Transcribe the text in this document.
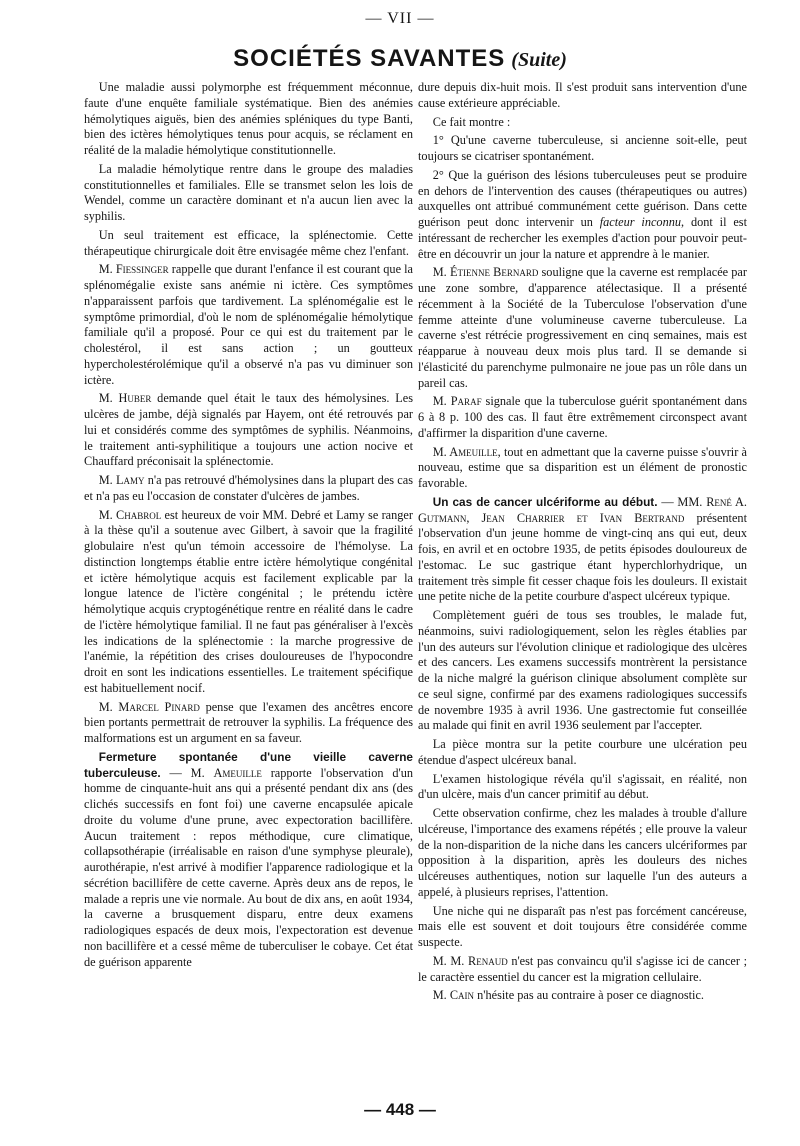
— VII —
SOCIÉTÉS SAVANTES (Suite)

Une maladie aussi polymorphe est fréquemment méconnue, faute d'une enquête familiale systématique. Bien des anémies hémolytiques aiguës, bien des anémies spléniques du type Banti, bien des ictères hémolytiques tenus pour acquis, se réclament en réalité de la maladie hémolytique constitutionnelle.

La maladie hémolytique rentre dans le groupe des maladies constitutionnelles et familiales. Elle se transmet selon les lois de Wendel, comme un caractère dominant et n'a aucun lien avec la syphilis.

Un seul traitement est efficace, la splénectomie. Cette thérapeutique chirurgicale doit être envisagée même chez l'enfant.

M. Fiessinger rappelle que durant l'enfance il est courant que la splénomégalie existe sans anémie ni ictère. Ces symptômes n'apparaissent parfois que tardivement. La splénomégalie est le symptôme primordial, d'où le nom de splénomégalie hémolytique familiale qu'il a proposé. Pour ce qui est du traitement par le cholestérol, il est sans action ; un goutteux hypercholestérolémique qu'il a observé n'a pas vu diminuer son ictère.

M. Huber demande quel était le taux des hémolysines. Les ulcères de jambe, déjà signalés par Hayem, ont été retrouvés par lui et considérés comme des symptômes de syphilis. Néanmoins, le traitement anti-syphilitique a toujours une action nocive et Chauffard préconisait la splénectomie.

M. Lamy n'a pas retrouvé d'hémolysines dans la plupart des cas et n'a pas eu l'occasion de constater d'ulcères de jambes.

M. Chabrol est heureux de voir MM. Debré et Lamy se ranger à la thèse qu'il a soutenue avec Gilbert, à savoir que la fragilité globulaire n'est qu'un témoin accessoire de l'hémolyse. La distinction longtemps établie entre ictère hémolytique congénital et ictère hémolytique acquis est facilement explicable par la longue latence de l'ictère congénital ; le prétendu ictère hémolytique acquis cryptogénétique rentre en réalité dans le cadre de l'ictère hémolytique familial. Il ne faut pas généraliser à l'excès les indications de la splénectomie : la marche progressive de l'anémie, la répétition des crises douloureuses de l'hypocondre droit en sont les indications essentielles. Le traitement spécifique est habituellement nocif.

M. Marcel Pinard pense que l'examen des ancêtres encore bien portants permettrait de retrouver la syphilis. La fréquence des malformations est un argument en sa faveur.

Fermeture spontanée d'une vieille caverne tuberculeuse. — M. Ameuille rapporte l'observation d'un homme de cinquante-huit ans qui a présenté pendant dix ans (des clichés successifs en font foi) une caverne encapsulée apicale droite du volume d'une prune, avec expectoration bacillifère. Aucun traitement : repos méthodique, cure climatique, collapsothérapie (irréalisable en raison d'une symphyse pleurale), aurothérapie, n'est arrivé à modifier l'apparence radiologique et la sécrétion bacillifère de cette caverne. Après deux ans de repos, le malade a repris une vie normale. Au bout de dix ans, en août 1934, la caverne a brusquement disparu, entre deux examens radiologiques espacés de deux mois, l'expectoration est devenue non bacillifère et a cessé même de tuberculiser le cobaye. Cet état de guérison apparente

dure depuis dix-huit mois. Il s'est produit sans intervention d'une cause extérieure appréciable.

Ce fait montre :

1° Qu'une caverne tuberculeuse, si ancienne soit-elle, peut toujours se cicatriser spontanément.

2° Que la guérison des lésions tuberculeuses peut se produire en dehors de l'intervention des causes (thérapeutiques ou autres) auxquelles ont attribué communément cette guérison. Dans cette guérison peut donc intervenir un facteur inconnu, dont il est intéressant de rechercher les exemples d'action pour pouvoir peut-être en découvrir un jour la nature et apprendre à le manier.

M. Étienne Bernard souligne que la caverne est remplacée par une zone sombre, d'apparence atélectasique. Il a présenté récemment à la Société de la Tuberculose l'observation d'une femme atteinte d'une volumineuse caverne tuberculeuse. La caverne s'est rétrécie progressivement en cinq semaines, mais est réapparue à nouveau deux mois plus tard. Il se demande si l'élasticité du parenchyme pulmonaire ne joue pas un rôle dans un pareil cas.

M. Paraf signale que la tuberculose guérit spontanément dans 6 à 8 p. 100 des cas. Il faut être extrêmement circonspect avant d'affirmer la disparition d'une caverne.

M. Ameuille, tout en admettant que la caverne puisse s'ouvrir à nouveau, estime que sa disparition est un élément de pronostic favorable.

Un cas de cancer ulcériforme au début. — MM. René A. Gutmann, Jean Charrier et Ivan Bertrand présentent l'observation d'un jeune homme de vingt-cinq ans qui eut, deux fois, en avril et en octobre 1935, de petits épisodes douloureux de l'estomac. Le suc gastrique étant hyperchlorhydrique, un traitement très simple fit cesser chaque fois les douleurs. Il existait une petite niche de la petite courbure d'aspect ulcéreux typique.

Complètement guéri de tous ses troubles, le malade fut, néanmoins, suivi radiologiquement, selon les règles établies par l'un des auteurs sur l'évolution clinique et radiologique des ulcères et des cancers. Les examens successifs montrèrent la persistance de la niche malgré la guérison clinique absolument complète sur ce seul signe, confirmé par des examens radiologiques successifs de novembre 1935 à avril 1936. Une gastrectomie fut conseillée au malade qui finit en avril 1936 seulement par l'accepter.

La pièce montra sur la petite courbure une ulcération peu étendue d'aspect ulcéreux banal.

L'examen histologique révéla qu'il s'agissait, en réalité, non d'un ulcère, mais d'un cancer primitif au début.

Cette observation confirme, chez les malades à trouble d'allure ulcéreuse, l'importance des examens répétés ; elle prouve la valeur de la non-disparition de la niche dans les cancers ulcériformes par opposition à la disparition, après les douleurs des niches ulcéreuses authentiques, notion sur laquelle l'un des auteurs a appelé, à plusieurs reprises, l'attention.

Une niche qui ne disparaît pas n'est pas forcément cancéreuse, mais elle est souvent et doit toujours être considérée comme suspecte.

M. M. Renaud n'est pas convaincu qu'il s'agisse ici de cancer ; le caractère essentiel du cancer est la migration cellulaire.

M. Cain n'hésite pas au contraire à poser ce diagnostic.

— 448 —
